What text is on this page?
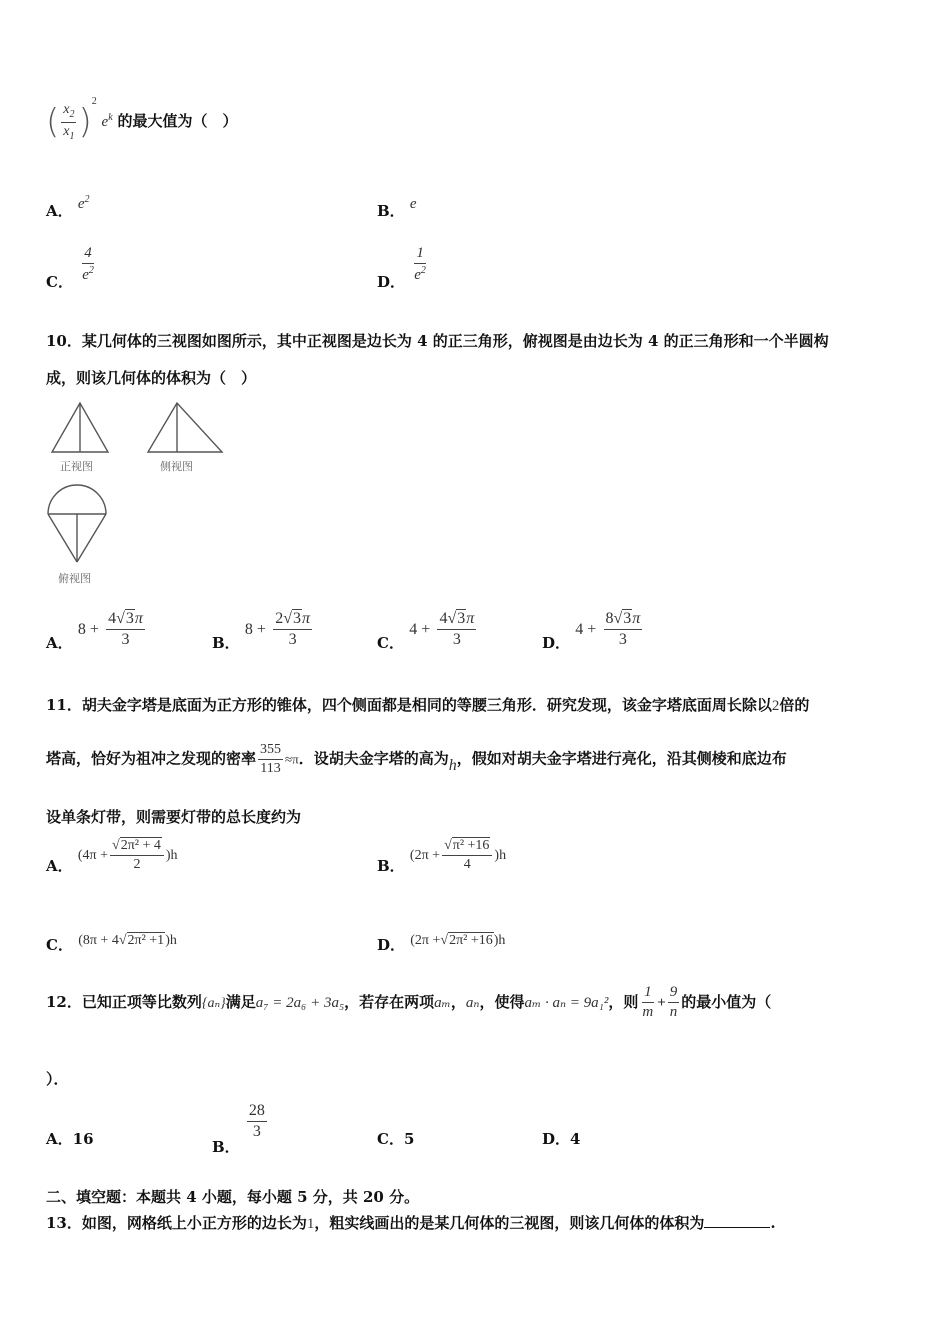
( $\frac{x_2}{x_1} )^2$ $e^k$ 的最大值为（　）
A． $e^2$
B． e
C． $\frac{4}{e^2}$	D． $\frac{1}{e^2}$
10．某几何体的三视图如图所示，其中正视图是边长为 4 的正三角形，俯视图是由边长为 4 的正三角形和一个半圆构
成，则该几何体的体积为（　）
正视图	侧视图
俯视图
A． $8 + \frac{4√3\pi}{3}$	B． $8 + \frac{2√3\pi}{3}$	C． $4 + \frac{4√3\pi}{3}$	D． $4 + \frac{8√3\pi}{3}$
11．胡夫金字塔是底面为正方形的锥体，四个侧面都是相同的等腰三角形．研究发现，该金字塔底面周长除以2倍的
塔高，恰好为祖冲之发现的密率 $\frac{355}{113} \approx\pi$．设胡夫金字塔的高为h，假如对胡夫金字塔进行亮化，沿其侧棱和底边布
设单条灯带，则需要灯带的总长度约为
A． $(4\pi + \frac{\text{√2π² + 4}}{2} )h$
B． $(2\pi + \frac{\text{√π² +16}}{4} )h$
C． (8π + 4√2π² +1)h	D． (2π +√2π² +16)h
12．已知正项等比数列{aₙ}满足a₇ = 2a₆ + 3a₅，若存在两项aₘ，aₙ，使得aₘ · aₙ = 9a₁²，则 $\frac{1}{m} + \frac{9}{n}$ 的最小值为（
）．
A．16	B．
$\frac{28}{3}$	C．5	D．4
二、填空题：本题共 4 小题，每小题 5 分，共 20 分。
13．如图，网格纸上小正方形的边长为1，粗实线画出的是某几何体的三视图，则该几何体的体积为	.
